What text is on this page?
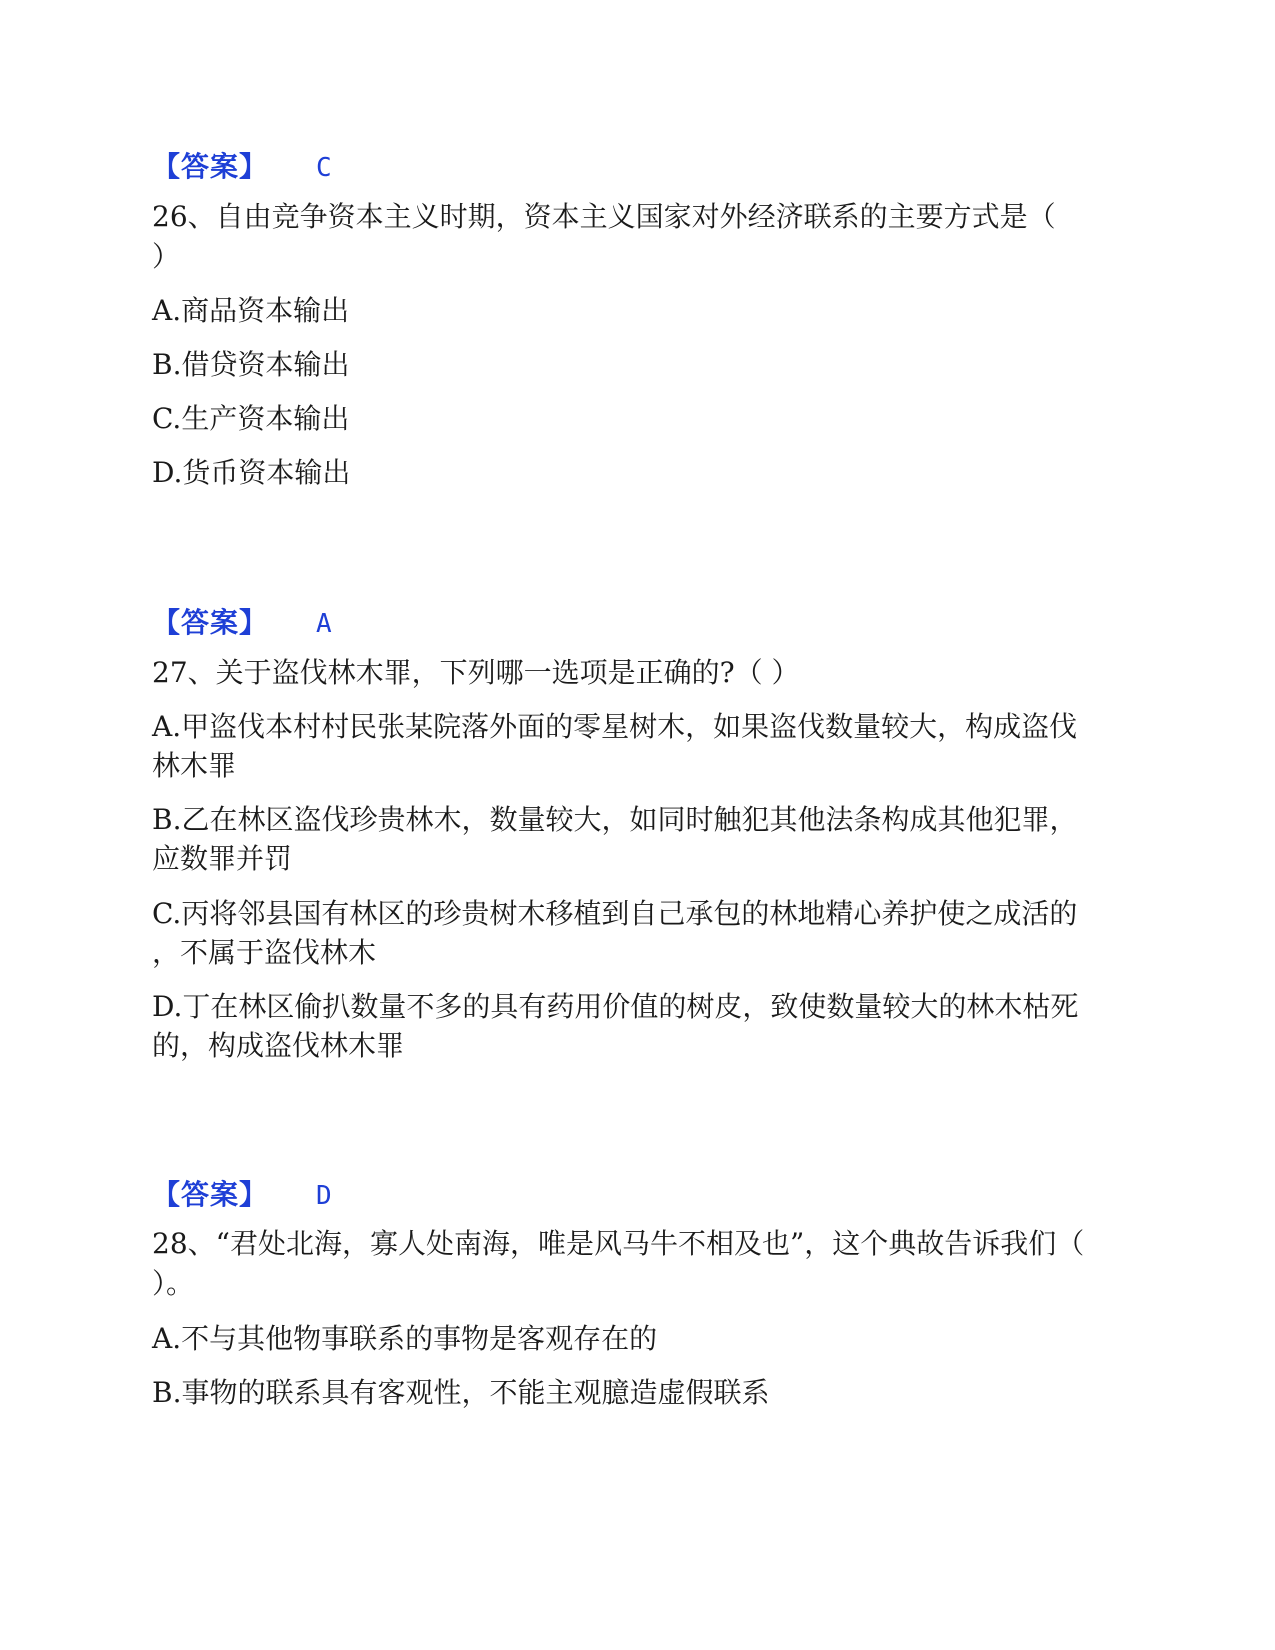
【答案】 C
26、自由竞争资本主义时期，资本主义国家对外经济联系的主要方式是（
）
A.商品资本输出
B.借贷资本输出
C.生产资本输出
D.货币资本输出
【答案】 A
27、关于盗伐林木罪，下列哪一选项是正确的?（ ）
A.甲盗伐本村村民张某院落外面的零星树木，如果盗伐数量较大，构成盗伐
林木罪
B.乙在林区盗伐珍贵林木，数量较大，如同时触犯其他法条构成其他犯罪，
应数罪并罚
C.丙将邻县国有林区的珍贵树木移植到自己承包的林地精心养护使之成活的
，不属于盗伐林木
D.丁在林区偷扒数量不多的具有药用价值的树皮，致使数量较大的林木枯死
的，构成盗伐林木罪
【答案】 D
28、“君处北海，寡人处南海，唯是风马牛不相及也”，这个典故告诉我们（
）。
A.不与其他物事联系的事物是客观存在的
B.事物的联系具有客观性，不能主观臆造虚假联系
